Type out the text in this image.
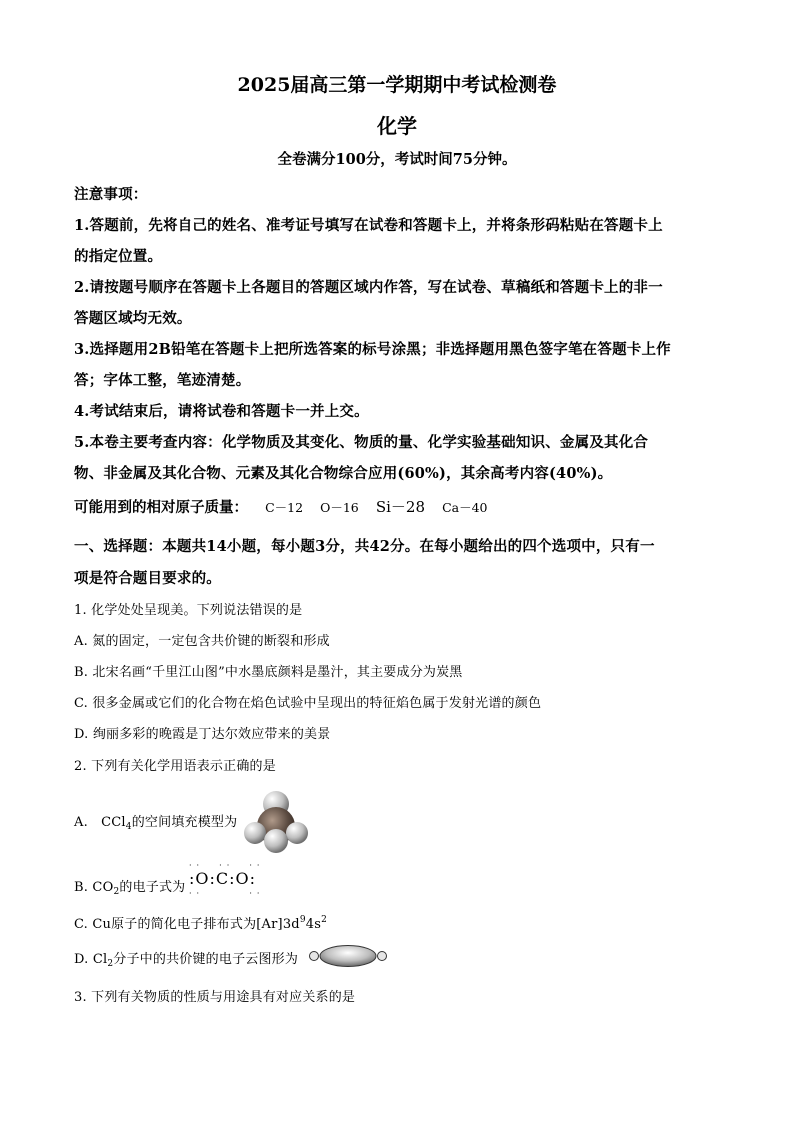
2025届高三第一学期期中考试检测卷
化学
全卷满分100分，考试时间75分钟。
注意事项：
1.答题前，先将自己的姓名、准考证号填写在试卷和答题卡上，并将条形码粘贴在答题卡上
的指定位置。
2.请按题号顺序在答题卡上各题目的答题区域内作答，写在试卷、草稿纸和答题卡上的非一
答题区域均无效。
3.选择题用2B铅笔在答题卡上把所选答案的标号涂黑；非选择题用黑色签字笔在答题卡上作
答；字体工整，笔迹清楚。
4.考试结束后，请将试卷和答题卡一并上交。
5.本卷主要考查内容：化学物质及其变化、物质的量、化学实验基础知识、金属及其化合
物、非金属及其化合物、元素及其化合物综合应用(60%)，其余高考内容(40%)。
可能用到的相对原子质量： C－12 O－16 Si－28 Ca－40
一、选择题：本题共14小题，每小题3分，共42分。在每小题给出的四个选项中，只有一
项是符合题目要求的。
1. 化学处处呈现美。下列说法错误的是
A. 氮的固定，一定包含共价键的断裂和形成
B. 北宋名画“千里江山图”中水墨底颜料是墨汁，其主要成分为炭黑
C. 很多金属或它们的化合物在焰色试验中呈现出的特征焰色属于发射光谱的颜色
D. 绚丽多彩的晚霞是丁达尔效应带来的美景
2. 下列有关化学用语表示正确的是
A.　CCl$_4$的空间填充模型为
B. $CO_2$的电子式为
··  ··  ··
:O:C:O:
··      ··
C. Cu原子的简化电子排布式为$[Ar]3d^94s^2$
D. $Cl_2$分子中的共价键的电子云图形为
3. 下列有关物质的性质与用途具有对应关系的是
